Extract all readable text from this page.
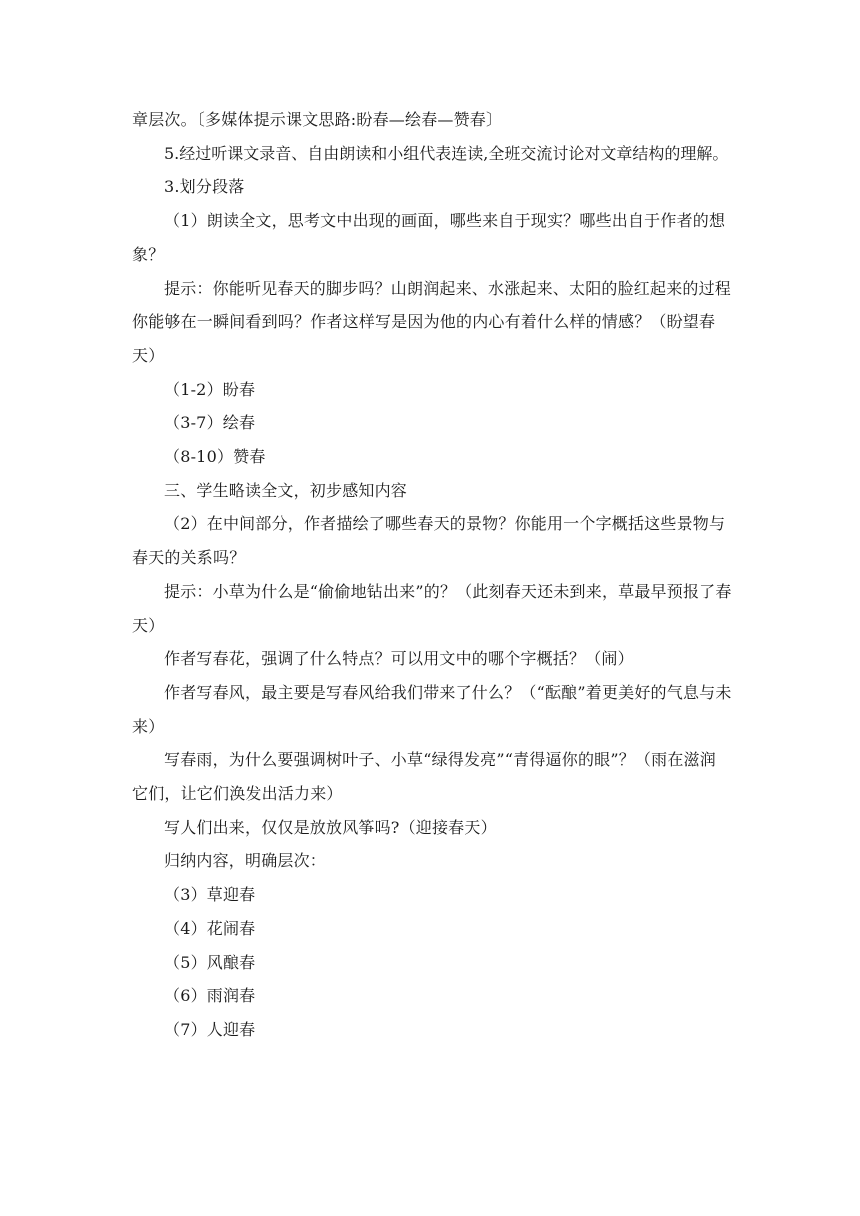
章层次。〔多媒体提示课文思路:盼春—绘春—赞春〕

5.经过听课文录音、自由朗读和小组代表连读,全班交流讨论对文章结构的理解。

3.划分段落

（1）朗读全文，思考文中出现的画面，哪些来自于现实？哪些出自于作者的想象？

提示：你能听见春天的脚步吗？山朗润起来、水涨起来、太阳的脸红起来的过程你能够在一瞬间看到吗？作者这样写是因为他的内心有着什么样的情感？（盼望春天）

（1-2）盼春

（3-7）绘春

（8-10）赞春

三、学生略读全文，初步感知内容

（2）在中间部分，作者描绘了哪些春天的景物？你能用一个字概括这些景物与春天的关系吗？

提示：小草为什么是“偷偷地钻出来”的？（此刻春天还未到来，草最早预报了春天）

作者写春花，强调了什么特点？可以用文中的哪个字概括？（闹）

作者写春风，最主要是写春风给我们带来了什么？（“酝酿”着更美好的气息与未来）

写春雨，为什么要强调树叶子、小草“绿得发亮”“青得逼你的眼”？（雨在滋润它们，让它们涣发出活力来）

写人们出来，仅仅是放放风筝吗?（迎接春天）

归纳内容，明确层次：

（3）草迎春

（4）花闹春

（5）风酿春

（6）雨润春

（7）人迎春
